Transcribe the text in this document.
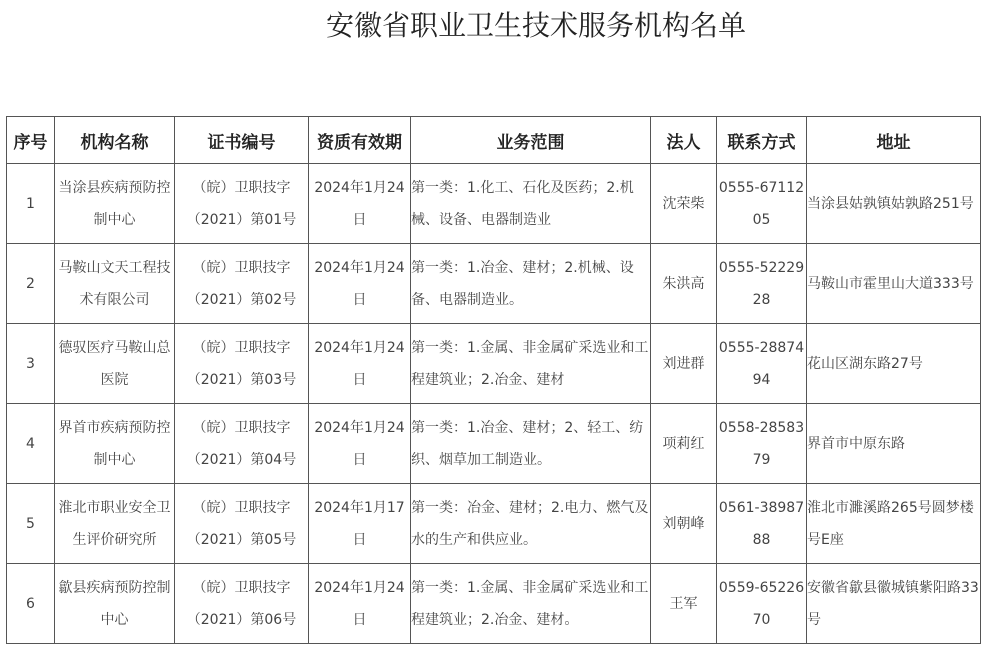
安徽省职业卫生技术服务机构名单
序号	机构名称	证书编号	资质有效期	业务范围	法人	联系方式	地址
1	当涂县疾病预防控制中心	（皖）卫职技字（2021）第01号	2024年1月24日	第一类：1.化工、石化及医药；2.机械、设备、电器制造业	沈荣柴	0555-6711205	当涂县姑孰镇姑孰路251号
2	马鞍山文天工程技术有限公司	（皖）卫职技字（2021）第02号	2024年1月24日	第一类：1.冶金、建材；2.机械、设备、电器制造业。	朱洪高	0555-5222928	马鞍山市霍里山大道333号
3	德驭医疗马鞍山总医院	（皖）卫职技字（2021）第03号	2024年1月24日	第一类：1.金属、非金属矿采选业和工程建筑业；2.冶金、建材	刘进群	0555-2887494	花山区湖东路27号
4	界首市疾病预防控制中心	（皖）卫职技字（2021）第04号	2024年1月24日	第一类：1.冶金、建材；2、轻工、纺织、烟草加工制造业。	项莉红	0558-2858379	界首市中原东路
5	淮北市职业安全卫生评价研究所	（皖）卫职技字（2021）第05号	2024年1月17日	第一类：冶金、建材；2.电力、燃气及水的生产和供应业。	刘朝峰	0561-3898788	淮北市濉溪路265号圆梦楼号E座
6	歙县疾病预防控制中心	（皖）卫职技字（2021）第06号	2024年1月24日	第一类：1.金属、非金属矿采选业和工程建筑业；2.冶金、建材。	王军	0559-6522670	安徽省歙县徽城镇紫阳路33号
